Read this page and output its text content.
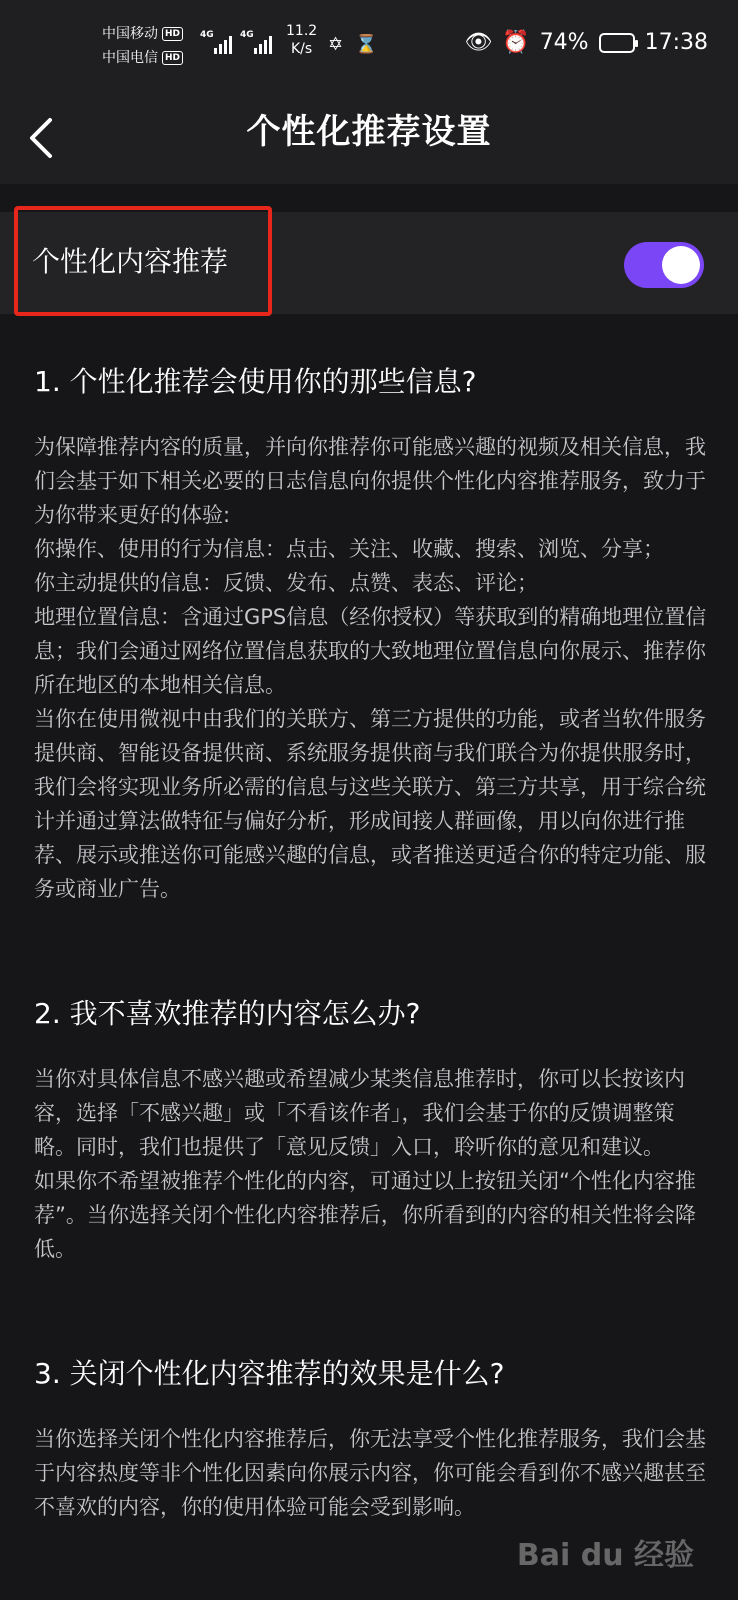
中国移动 HD
中国电信 HD
4G	4G 11.2
K/s ✡ ⌛	👁 ⏰ 74%	17:38
个性化推荐设置
个性化内容推荐
1. 个性化推荐会使用你的那些信息?

为保障推荐内容的质量，并向你推荐你可能感兴趣的视频及相关信息，我们会基于如下相关必要的日志信息向你提供个性化内容推荐服务，致力于为你带来更好的体验:

你操作、使用的行为信息：点击、关注、收藏、搜索、浏览、分享；

你主动提供的信息：反馈、发布、点赞、表态、评论；

地理位置信息：含通过GPS信息（经你授权）等获取到的精确地理位置信息；我们会通过网络位置信息获取的大致地理位置信息向你展示、推荐你所在地区的本地相关信息。

当你在使用微视中由我们的关联方、第三方提供的功能，或者当软件服务提供商、智能设备提供商、系统服务提供商与我们联合为你提供服务时， 我们会将实现业务所必需的信息与这些关联方、第三方共享，用于综合统计并通过算法做特征与偏好分析，形成间接人群画像，用以向你进行推荐、展示或推送你可能感兴趣的信息，或者推送更适合你的特定功能、服务或商业广告。

2. 我不喜欢推荐的内容怎么办?

当你对具体信息不感兴趣或希望减少某类信息推荐时，你可以长按该内容，选择「不感兴趣」或「不看该作者」，我们会基于你的反馈调整策略。同时，我们也提供了「意见反馈」入口，聆听你的意见和建议。

如果你不希望被推荐个性化的内容，可通过以上按钮关闭“个性化内容推荐”。当你选择关闭个性化内容推荐后，你所看到的内容的相关性将会降低。

3. 关闭个性化内容推荐的效果是什么?

当你选择关闭个性化内容推荐后，你无法享受个性化推荐服务，我们会基于内容热度等非个性化因素向你展示内容，你可能会看到你不感兴趣甚至不喜欢的内容，你的使用体验可能会受到影响。

Bai du 经验
